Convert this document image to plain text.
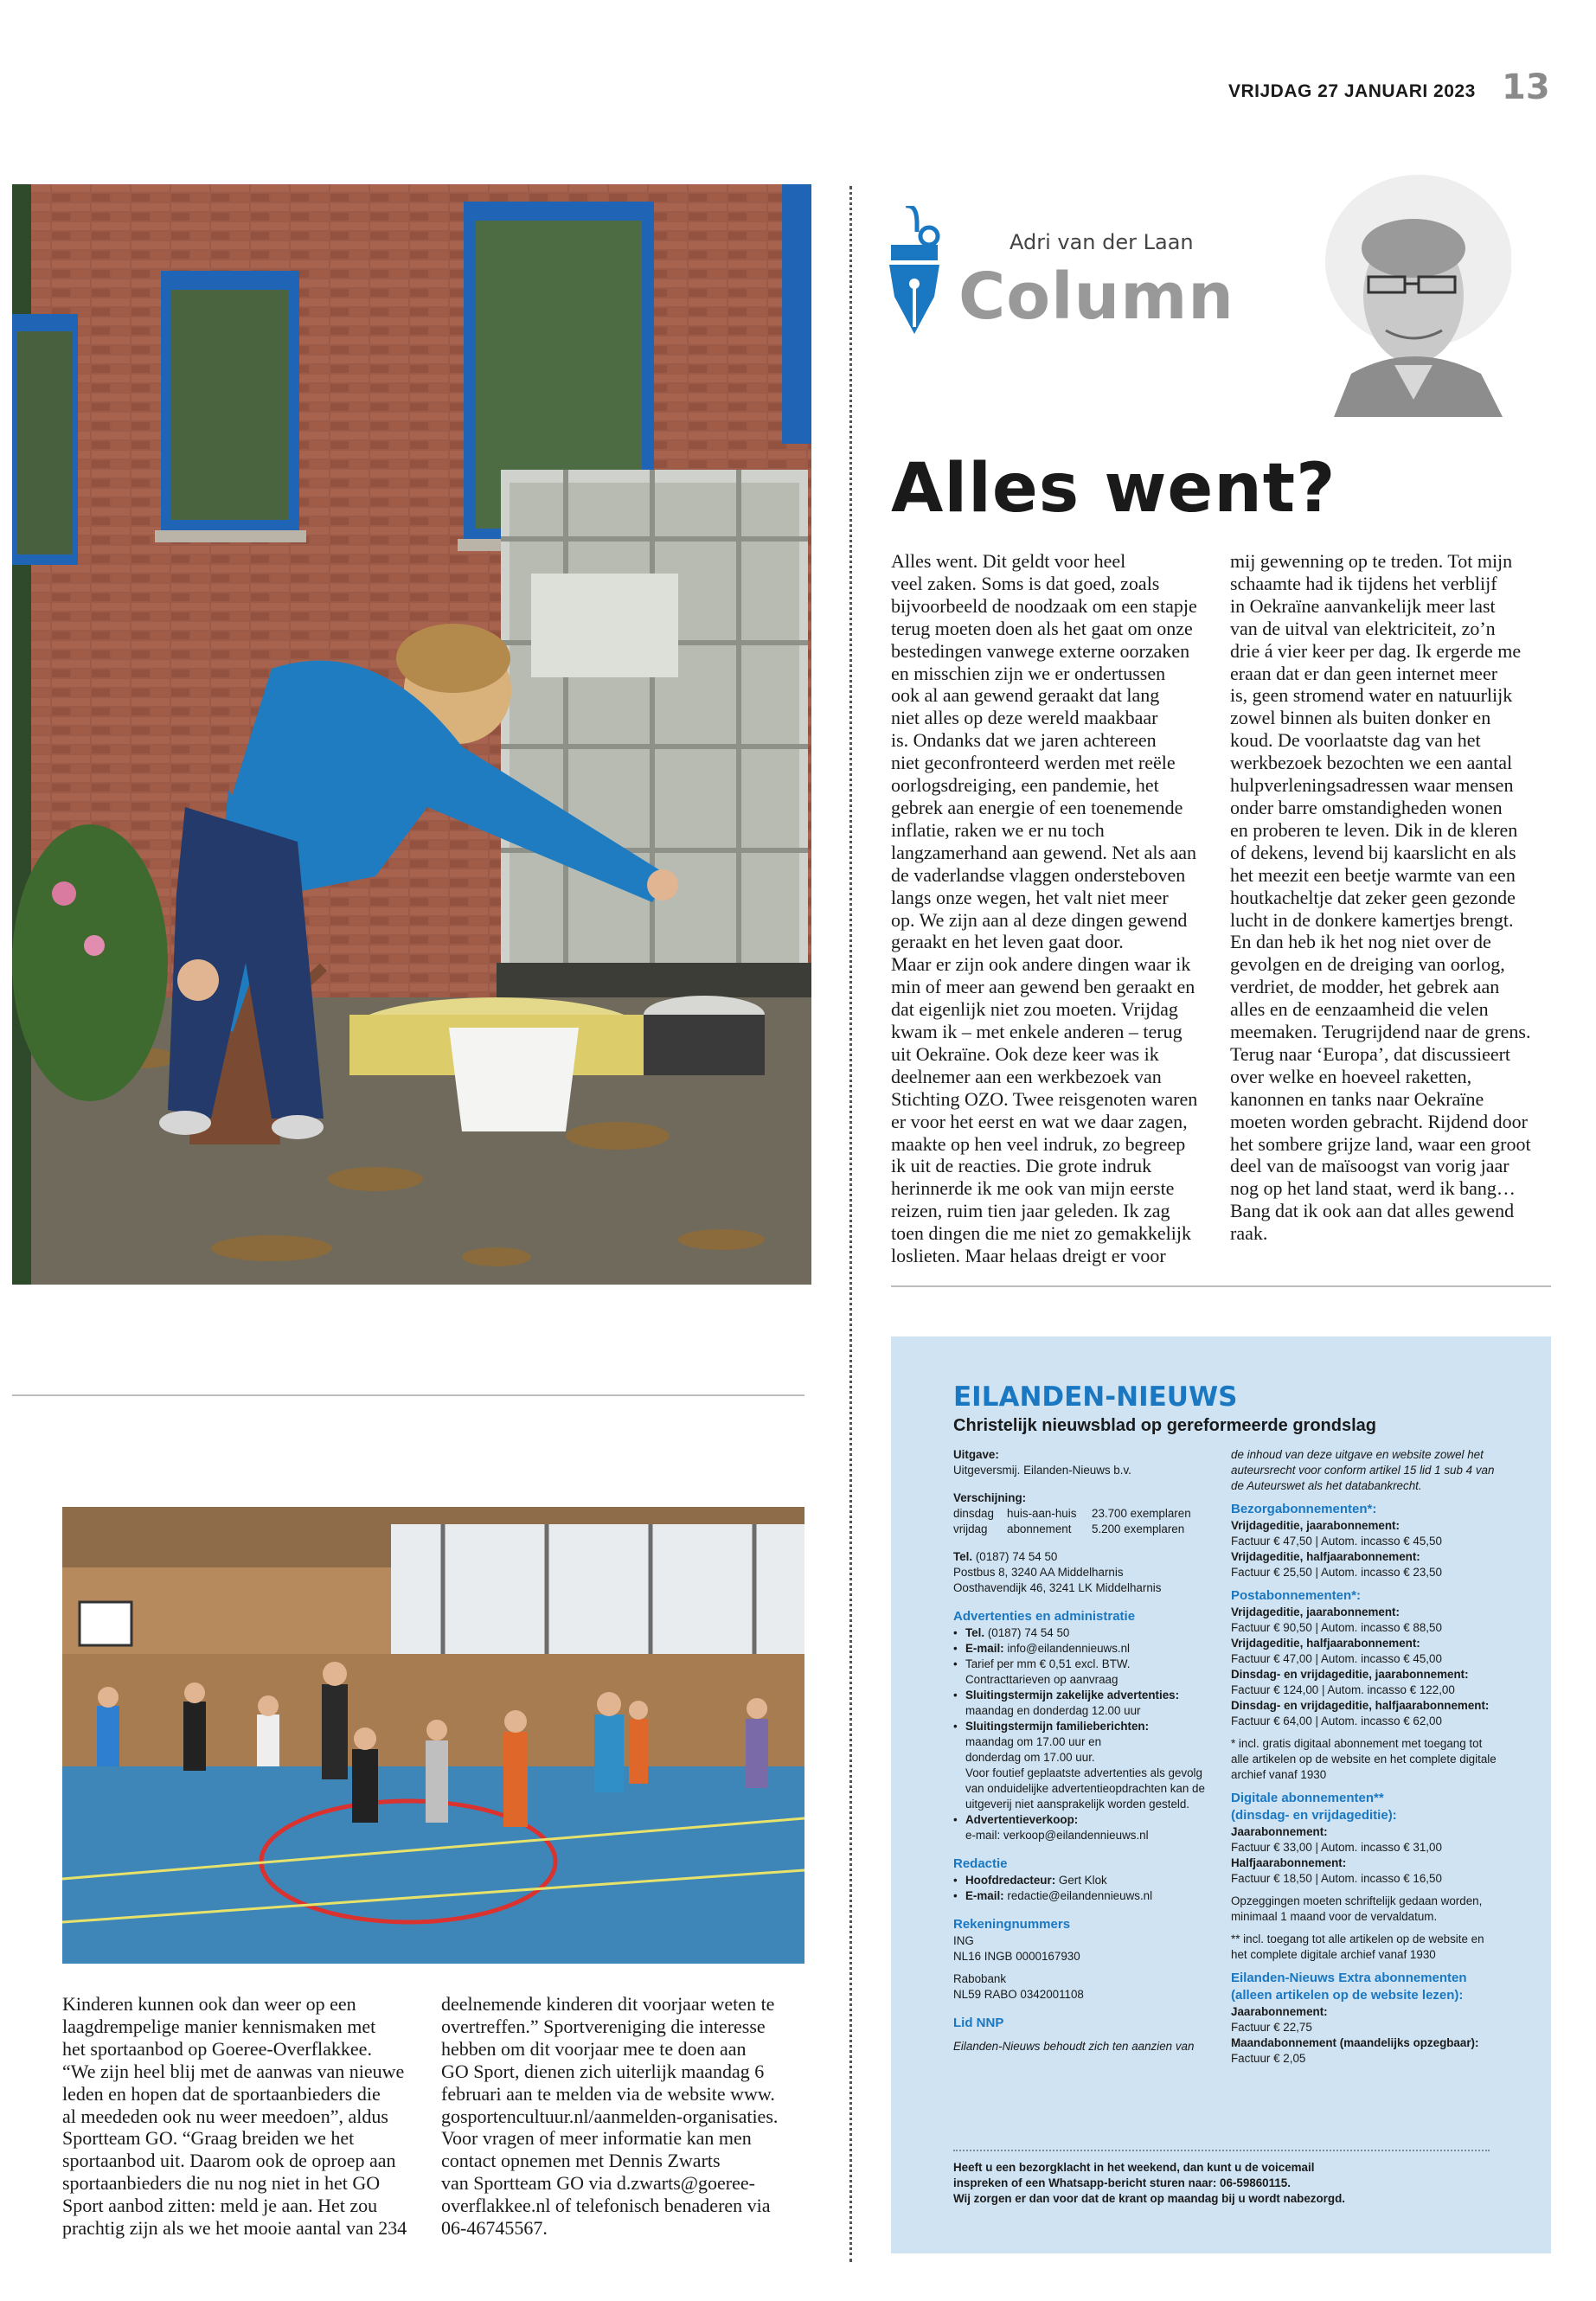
VRIJDAG 27 JANUARI 2023 13
Adri van der Laan
Column
Alles went?
Alles went. Dit geldt voor heel
veel zaken. Soms is dat goed, zoals
bijvoorbeeld de noodzaak om een stapje
terug moeten doen als het gaat om onze
bestedingen vanwege externe oorzaken
en misschien zijn we er ondertussen
ook al aan gewend geraakt dat lang
niet alles op deze wereld maakbaar
is. Ondanks dat we jaren achtereen
niet geconfronteerd werden met reële
oorlogsdreiging, een pandemie, het
gebrek aan energie of een toenemende
inflatie, raken we er nu toch
langzamerhand aan gewend. Net als aan
de vaderlandse vlaggen ondersteboven
langs onze wegen, het valt niet meer
op. We zijn aan al deze dingen gewend
geraakt en het leven gaat door.
Maar er zijn ook andere dingen waar ik
min of meer aan gewend ben geraakt en
dat eigenlijk niet zou moeten. Vrijdag
kwam ik – met enkele anderen – terug
uit Oekraïne. Ook deze keer was ik
deelnemer aan een werkbezoek van
Stichting OZO. Twee reisgenoten waren
er voor het eerst en wat we daar zagen,
maakte op hen veel indruk, zo begreep
ik uit de reacties. Die grote indruk
herinnerde ik me ook van mijn eerste
reizen, ruim tien jaar geleden. Ik zag
toen dingen die me niet zo gemakkelijk
loslieten. Maar helaas dreigt er voor
mij gewenning op te treden. Tot mijn
schaamte had ik tijdens het verblijf
in Oekraïne aanvankelijk meer last
van de uitval van elektriciteit, zo’n
drie á vier keer per dag. Ik ergerde me
eraan dat er dan geen internet meer
is, geen stromend water en natuurlijk
zowel binnen als buiten donker en
koud. De voorlaatste dag van het
werkbezoek bezochten we een aantal
hulpverleningsadressen waar mensen
onder barre omstandigheden wonen
en proberen te leven. Dik in de kleren
of dekens, levend bij kaarslicht en als
het meezit een beetje warmte van een
houtkacheltje dat zeker geen gezonde
lucht in de donkere kamertjes brengt.
En dan heb ik het nog niet over de
gevolgen en de dreiging van oorlog,
verdriet, de modder, het gebrek aan
alles en de eenzaamheid die velen
meemaken. Terugrijdend naar de grens.
Terug naar ‘Europa’, dat discussieert
over welke en hoeveel raketten,
kanonnen en tanks naar Oekraïne
moeten worden gebracht. Rijdend door
het sombere grijze land, waar een groot
deel van de maïsoogst van vorig jaar
nog op het land staat, werd ik bang…
Bang dat ik ook aan dat alles gewend
raak.
Kinderen kunnen ook dan weer op een
laagdrempelige manier kennismaken met
het sportaanbod op Goeree-Overflakkee.
“We zijn heel blij met de aanwas van nieuwe
leden en hopen dat de sportaanbieders die
al meededen ook nu weer meedoen”, aldus
Sportteam GO. “Graag breiden we het
sportaanbod uit. Daarom ook de oproep aan
sportaanbieders die nu nog niet in het GO
Sport aanbod zitten: meld je aan. Het zou
prachtig zijn als we het mooie aantal van 234
deelnemende kinderen dit voorjaar weten te
overtreffen.” Sportvereniging die interesse
hebben om dit voorjaar mee te doen aan
GO Sport, dienen zich uiterlijk maandag 6
februari aan te melden via de website www.
gosportencultuur.nl/aanmelden-organisaties.
Voor vragen of meer informatie kan men
contact opnemen met Dennis Zwarts
van Sportteam GO via d.zwarts@goeree-
overflakkee.nl of telefonisch benaderen via
06-46745567.
EILANDEN-NIEUWS
Christelijk nieuwsblad op gereformeerde grondslag
Uitgave:
Uitgeversmij. Eilanden-Nieuws b.v.
Verschijning:
dinsdag	huis-aan-huis	23.700 exemplaren
vrijdag	abonnement	5.200 exemplaren
Tel. (0187) 74 54 50
Postbus 8, 3240 AA Middelharnis
Oosthavendijk 46, 3241 LK Middelharnis
Advertenties en administratie
• Tel. (0187) 74 54 50
• E-mail: info@eilandennieuws.nl
• Tarief per mm € 0,51 excl. BTW.
Contracttarieven op aanvraag
• Sluitingstermijn zakelijke advertenties:
maandag en donderdag 12.00 uur
• Sluitingstermijn familieberichten:
maandag om 17.00 uur en
donderdag om 17.00 uur.
Voor foutief geplaatste advertenties als gevolg
van onduidelijke advertentieopdrachten kan de
uitgeverij niet aansprakelijk worden gesteld.
• Advertentieverkoop:
e-mail: verkoop@eilandennieuws.nl
Redactie
• Hoofdredacteur: Gert Klok
• E-mail: redactie@eilandennieuws.nl
Rekeningnummers
ING
NL16 INGB 0000167930
Rabobank
NL59 RABO 0342001108
Lid NNP
Eilanden-Nieuws behoudt zich ten aanzien van
de inhoud van deze uitgave en website zowel het
auteursrecht voor conform artikel 15 lid 1 sub 4 van
de Auteurswet als het databankrecht.
Bezorgabonnementen*:
Vrijdageditie, jaarabonnement:
Factuur € 47,50 | Autom. incasso € 45,50
Vrijdageditie, halfjaarabonnement:
Factuur € 25,50 | Autom. incasso € 23,50
Postabonnementen*:
Vrijdageditie, jaarabonnement:
Factuur € 90,50 | Autom. incasso € 88,50
Vrijdageditie, halfjaarabonnement:
Factuur € 47,00 | Autom. incasso € 45,00
Dinsdag- en vrijdageditie, jaarabonnement:
Factuur € 124,00 | Autom. incasso € 122,00
Dinsdag- en vrijdageditie, halfjaarabonnement:
Factuur € 64,00 | Autom. incasso € 62,00
* incl. gratis digitaal abonnement met toegang tot
alle artikelen op de website en het complete digitale
archief vanaf 1930
Digitale abonnementen**
(dinsdag- en vrijdageditie):
Jaarabonnement:
Factuur € 33,00 | Autom. incasso € 31,00
Halfjaarabonnement:
Factuur € 18,50 | Autom. incasso € 16,50
Opzeggingen moeten schriftelijk gedaan worden,
minimaal 1 maand voor de vervaldatum.
** incl. toegang tot alle artikelen op de website en
het complete digitale archief vanaf 1930
Eilanden-Nieuws Extra abonnementen
(alleen artikelen op de website lezen):
Jaarabonnement:
Factuur € 22,75
Maandabonnement (maandelijks opzegbaar):
Factuur € 2,05
Heeft u een bezorgklacht in het weekend, dan kunt u de voicemail
inspreken of een Whatsapp-bericht sturen naar: 06-59860115.
Wij zorgen er dan voor dat de krant op maandag bij u wordt nabezorgd.
